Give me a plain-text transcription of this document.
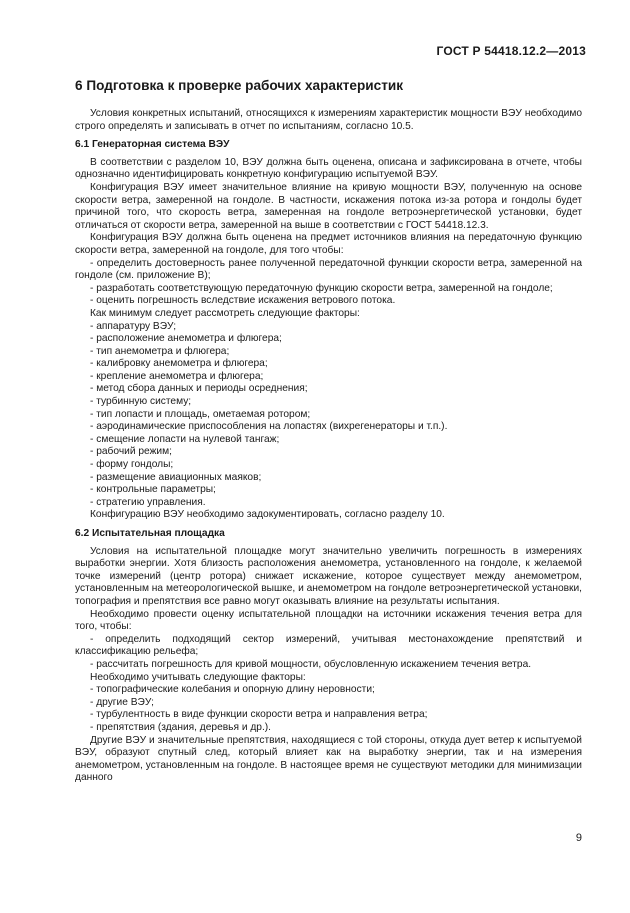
ГОСТ Р 54418.12.2—2013
6 Подготовка к проверке рабочих характеристик

Условия конкретных испытаний, относящихся к измерениям характеристик мощности ВЭУ необходимо строго определять и записывать в отчет по испытаниям, согласно 10.5.

6.1 Генераторная система ВЭУ

В соответствии с разделом 10, ВЭУ должна быть оценена, описана и зафиксирована в отчете, чтобы однозначно идентифицировать конкретную конфигурацию испытуемой ВЭУ.

Конфигурация ВЭУ имеет значительное влияние на кривую мощности ВЭУ, полученную на основе скорости ветра, замеренной на гондоле. В частности, искажения потока из-за ротора и гондолы будет причиной того, что скорость ветра, замеренная на гондоле ветроэнергетической установки, будет отличаться от скорости ветра, замеренной на выше в соответствии с ГОСТ 54418.12.3.

Конфигурация ВЭУ должна быть оценена на предмет источников влияния на передаточную функцию скорости ветра, замеренной на гондоле, для того чтобы:

- определить достоверность ранее полученной передаточной функции скорости ветра, замеренной на гондоле (см. приложение В);

- разработать соответствующую передаточную функцию скорости ветра, замеренной на гондоле;

- оценить погрешность вследствие искажения ветрового потока.

Как минимум следует рассмотреть следующие факторы:

- аппаратуру ВЭУ;

- расположение анемометра и флюгера;

- тип анемометра и флюгера;

- калибровку анемометра и флюгера;

- крепление анемометра и флюгера;

- метод сбора данных и периоды осреднения;

- турбинную систему;

- тип лопасти и площадь, ометаемая ротором;

- аэродинамические приспособления на лопастях (вихрегенераторы и т.п.).

- смещение лопасти на нулевой тангаж;

- рабочий режим;

- форму гондолы;

- размещение авиационных маяков;

- контрольные параметры;

- стратегию управления.

Конфигурацию ВЭУ необходимо задокументировать, согласно разделу 10.

6.2 Испытательная площадка

Условия на испытательной площадке могут значительно увеличить погрешность в измерениях выработки энергии. Хотя близость расположения анемометра, установленного на гондоле, к желаемой точке измерений (центр ротора) снижает искажение, которое существует между анемометром, установленным на метеорологической вышке, и анемометром на гондоле ветроэнергетической установки, топография и препятствия все равно могут оказывать влияние на результаты испытания.

Необходимо провести оценку испытательной площадки на источники искажения течения ветра для того, чтобы:

- определить подходящий сектор измерений, учитывая местонахождение препятствий и классификацию рельефа;

- рассчитать погрешность для кривой мощности, обусловленную искажением течения ветра.

Необходимо учитывать следующие факторы:

- топографические колебания и опорную длину неровности;

- другие ВЭУ;

- турбулентность в виде функции скорости ветра и направления ветра;

- препятствия (здания, деревья и др.).

Другие ВЭУ и значительные препятствия, находящиеся с той стороны, откуда дует ветер к испытуемой ВЭУ, образуют спутный след, который влияет как на выработку энергии, так и на измерения анемометром, установленным на гондоле. В настоящее время не существуют методики для минимизации данного

9
